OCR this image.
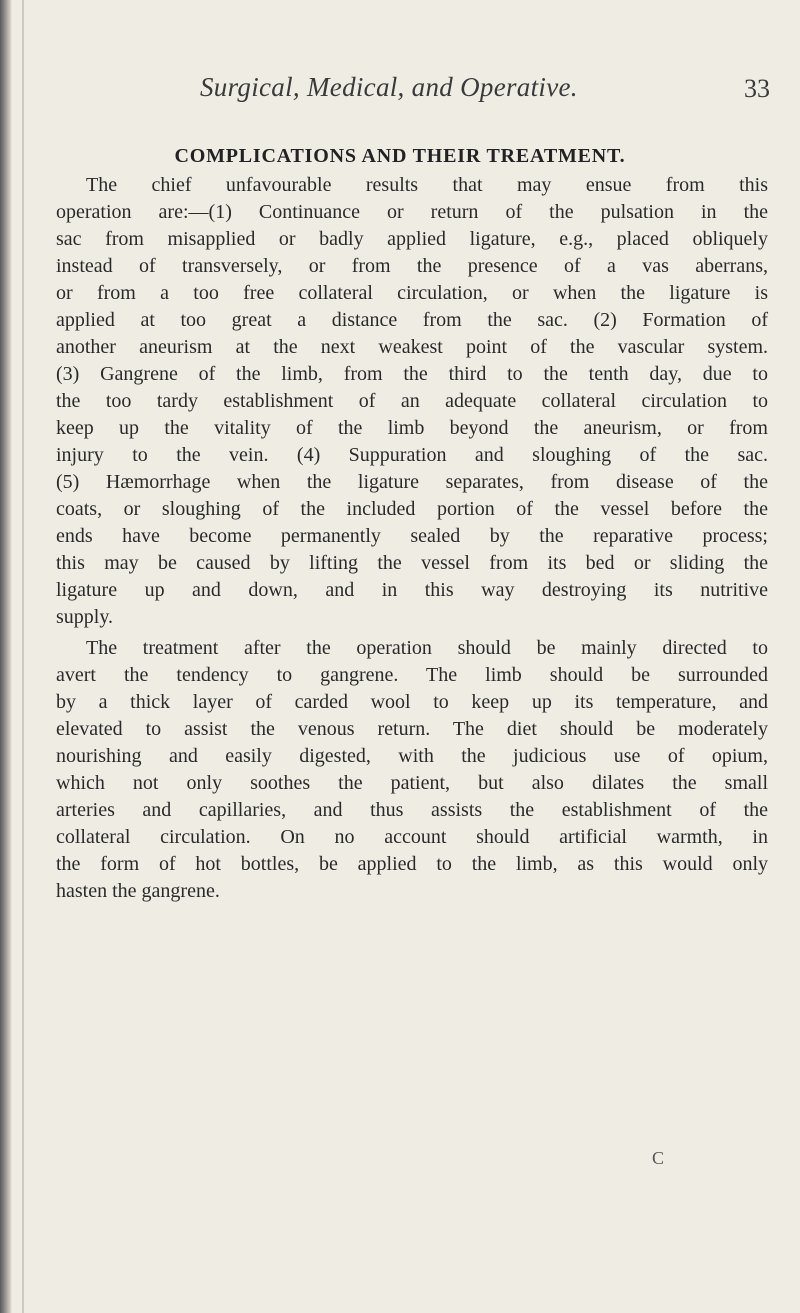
Surgical, Medical, and Operative.	33
COMPLICATIONS AND THEIR TREATMENT.
The chief unfavourable results that may ensue from this
operation are:—(1) Continuance or return of the pulsation in the
sac from misapplied or badly applied ligature, e.g., placed obliquely
instead of transversely, or from the presence of a vas aberrans,
or from a too free collateral circulation, or when the ligature is
applied at too great a distance from the sac. (2) Formation of
another aneurism at the next weakest point of the vascular system.
(3) Gangrene of the limb, from the third to the tenth day, due to
the too tardy establishment of an adequate collateral circulation to
keep up the vitality of the limb beyond the aneurism, or from
injury to the vein. (4) Suppuration and sloughing of the sac.
(5) Hæmorrhage when the ligature separates, from disease of the
coats, or sloughing of the included portion of the vessel before the
ends have become permanently sealed by the reparative process;
this may be caused by lifting the vessel from its bed or sliding the
ligature up and down, and in this way destroying its nutritive
supply.
The treatment after the operation should be mainly directed to
avert the tendency to gangrene. The limb should be surrounded
by a thick layer of carded wool to keep up its temperature, and
elevated to assist the venous return. The diet should be moderately
nourishing and easily digested, with the judicious use of opium,
which not only soothes the patient, but also dilates the small
arteries and capillaries, and thus assists the establishment of the
collateral circulation. On no account should artificial warmth, in
the form of hot bottles, be applied to the limb, as this would only
hasten the gangrene.
C
